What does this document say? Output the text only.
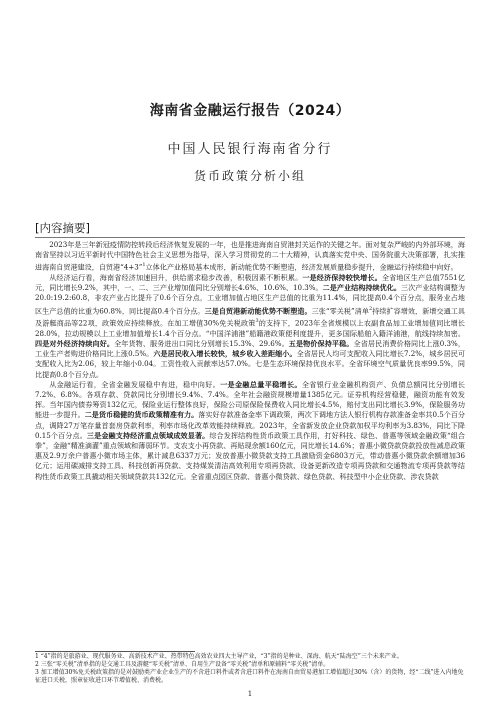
海南省金融运行报告（2024）
中国人民银行海南省分行
货币政策分析小组
[内容摘要]

2023年是三年新冠疫情防控转段后经济恢复发展的一年，也是推进海南自贸港封关运作的关键之年。面对复杂严峻的内外部环境，海南省坚持以习近平新时代中国特色社会主义思想为指导，深入学习贯彻党的二十大精神，认真落实党中央、国务院重大决策部署，扎实推进海南自贸港建设，自贸港“4+3”$^1$立体化产业格局基本成形，新动能优势不断塑造，经济发展质量稳步提升，金融运行持续稳中向好。

从经济运行看，海南省经济加速回升，供给需求稳步改善，积极因素不断积累。一是经济保持较快增长。全省地区生产总值7551亿元，同比增长9.2%，其中，一、二、三产业增加值同比分别增长4.6%、10.6%、10.3%。二是产业结构持续优化。三次产业结构调整为20.0:19.2:60.8，非农产业占比提升了0.6个百分点，工业增加值占地区生产总值的比重为11.4%，同比提高0.4个百分点，服务业占地区生产总值的比重为60.8%，同比提高0.4个百分点。三是自贸港新动能优势不断塑造。三张“零关税”清单$^2$持续扩容增效，新增交通工具及游艇商品等22项，政策效应持续释放。在加工增值30%免关税政策$^3$的支持下，2023年全省规模以上农副食品加工业增加值同比增长28.0%，拉动规模以上工业增加值增长1.4个百分点。“中国洋浦港”船籍港政策便利度提升，更多国际船舶入籍洋浦港，航线持续加密。四是对外经济持续向好。全年货物、服务进出口同比分别增长15.3%、29.6%。五是物价保持平稳。全省居民消费价格同比上涨0.3%，工业生产者购进价格同比上涨0.5%。六是居民收入增长较快，城乡收入差距缩小。全省居民人均可支配收入同比增长7.2%，城乡居民可支配收入比为2.06，较上年缩小0.04。工资性收入贡献率达57.0%。七是生态环境保持优良水平。全省环境空气质量优良率99.5%，同比提高0.8个百分点。

从金融运行看，全省金融发展稳中有进，稳中向好。一是金融总量平稳增长。全省银行业金融机构资产、负债总额同比分别增长7.2%、6.8%。各项存款、贷款同比分别增长9.4%、7.4%。全年社会融资规模增量1385亿元。证券机构经营稳健，融资功能有效发挥。当年国内债券筹资132亿元，保险业运行整体良好，保险公司原保险保费收入同比增长4.5%，赔付支出同比增长3.9%，保险服务功能进一步提升。二是货币稳健的货币政策精准有力。落实好存款准备金率下调政策，两次下调地方法人银行机构存款准备金率共0.5个百分点，调降27万笔存量首套房贷款利率，利率市场化改革效能持续释放。2023年，全省新发放企业贷款加权平均利率为3.83%，同比下降0.15个百分点。三是金融支持经济重点领域成效显著。综合发挥结构性货币政策工具作用，打好科技、绿色、普惠等领域金融政策“组合拳”，金融“精准滴灌”重点领域和薄弱环节。支农支小再贷款、再贴现余额160亿元，同比增长14.6%；普惠小微贷款贷款投放性减息政策惠及2.9万余户普惠小微市场主体，累计减息6337万元；发放普惠小微贷款支持工具激励资金6803万元，带动普惠小微贷款余额增加36亿元；运用碳减排支持工具、科技创新再贷款、支持煤炭清洁高效利用专项再贷款、设备更新改造专项再贷款和交通物流专项再贷款等结构性货币政策工具撬动相关领域贷款共132亿元。全省重点园区贷款、普惠小微贷款、绿色贷款、科技型中小企业贷款、涉农贷款

1 “4”指的是旅游业、现代服务业、高新技术产业、热带特色高效农业四大主导产业，“3”指的是种业、深海、航天“陆海空”三个未来产业。
2 三张“零关税”清单指的是交通工具及游艇“零关税”清单、自用生产设备“零关税”清单和原辅料“零关税”清单。
3 加工增值30%免关税政策指的是对鼓励类产业企业生产的不含进口料件或者含进口料件在海南自由贸易港加工增值超过30%（含）的货物，经“二线”进入内地免征进口关税，照章征收进口环节增值税、消费税。
1
